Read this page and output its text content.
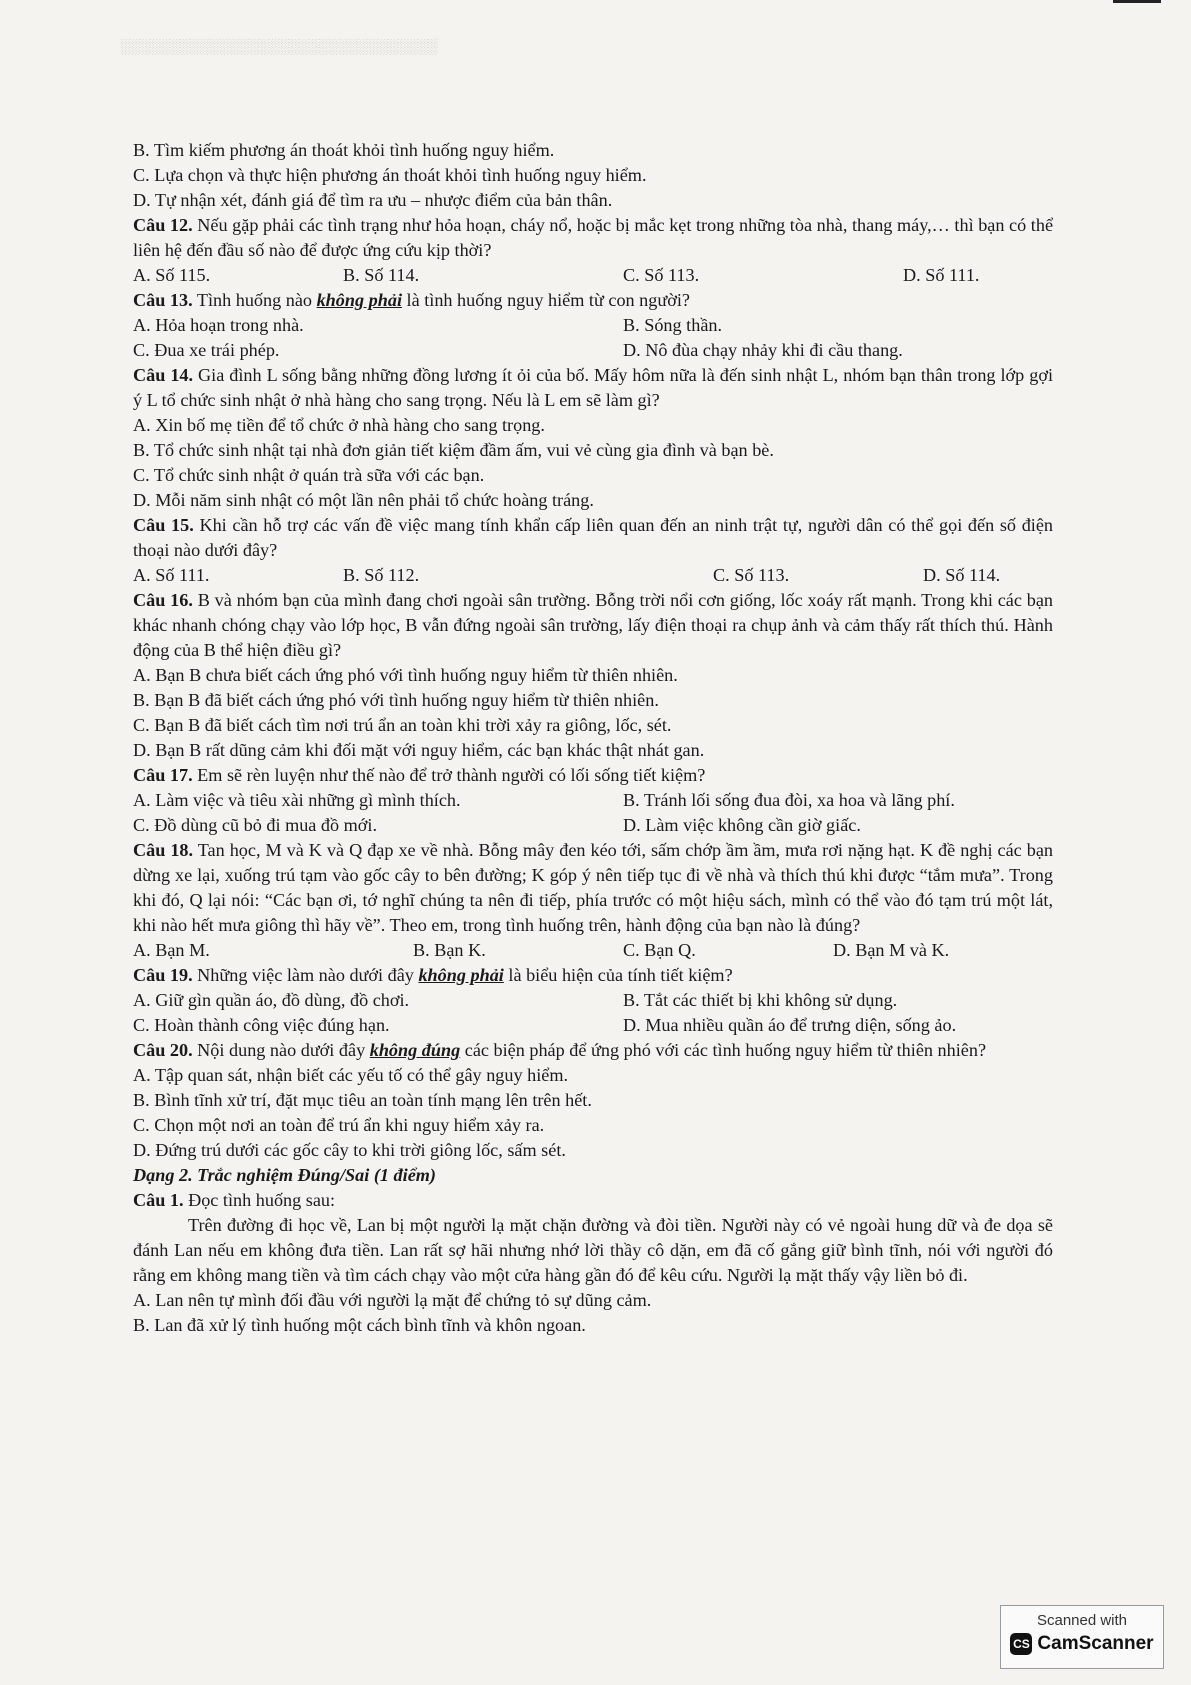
░░░░░░░░░░░░░░░░░░░░░░░░░░░░░░░░
B. Tìm kiếm phương án thoát khỏi tình huống nguy hiểm.
C. Lựa chọn và thực hiện phương án thoát khỏi tình huống nguy hiểm.
D. Tự nhận xét, đánh giá để tìm ra ưu – nhược điểm của bản thân.
Câu 12. Nếu gặp phải các tình trạng như hỏa hoạn, cháy nổ, hoặc bị mắc kẹt trong những tòa nhà, thang máy,… thì bạn có thể liên hệ đến đầu số nào để được ứng cứu kịp thời?
A. Số 115.	B. Số 114.	C. Số 113.	D. Số 111.
Câu 13. Tình huống nào không phải là tình huống nguy hiểm từ con người?
A. Hỏa hoạn trong nhà.	B. Sóng thần.
C. Đua xe trái phép.	D. Nô đùa chạy nhảy khi đi cầu thang.
Câu 14. Gia đình L sống bằng những đồng lương ít ỏi của bố. Mấy hôm nữa là đến sinh nhật L, nhóm bạn thân trong lớp gợi ý L tổ chức sinh nhật ở nhà hàng cho sang trọng. Nếu là L em sẽ làm gì?
A. Xin bố mẹ tiền để tổ chức ở nhà hàng cho sang trọng.
B. Tổ chức sinh nhật tại nhà đơn giản tiết kiệm đầm ấm, vui vẻ cùng gia đình và bạn bè.
C. Tổ chức sinh nhật ở quán trà sữa với các bạn.
D. Mỗi năm sinh nhật có một lần nên phải tổ chức hoàng tráng.
Câu 15. Khi cần hỗ trợ các vấn đề việc mang tính khẩn cấp liên quan đến an ninh trật tự, người dân có thể gọi đến số điện thoại nào dưới đây?
A. Số 111.	B. Số 112.	C. Số 113.	D. Số 114.
Câu 16. B và nhóm bạn của mình đang chơi ngoài sân trường. Bỗng trời nổi cơn giống, lốc xoáy rất mạnh. Trong khi các bạn khác nhanh chóng chạy vào lớp học, B vẫn đứng ngoài sân trường, lấy điện thoại ra chụp ảnh và cảm thấy rất thích thú. Hành động của B thể hiện điều gì?
A. Bạn B chưa biết cách ứng phó với tình huống nguy hiểm từ thiên nhiên.
B. Bạn B đã biết cách ứng phó với tình huống nguy hiểm từ thiên nhiên.
C. Bạn B đã biết cách tìm nơi trú ẩn an toàn khi trời xảy ra giông, lốc, sét.
D. Bạn B rất dũng cảm khi đối mặt với nguy hiểm, các bạn khác thật nhát gan.
Câu 17. Em sẽ rèn luyện như thế nào để trở thành người có lối sống tiết kiệm?
A. Làm việc và tiêu xài những gì mình thích.	B. Tránh lối sống đua đòi, xa hoa và lãng phí.
C. Đồ dùng cũ bỏ đi mua đồ mới.	D. Làm việc không cần giờ giấc.
Câu 18. Tan học, M và K và Q đạp xe về nhà. Bỗng mây đen kéo tới, sấm chớp ầm ầm, mưa rơi nặng hạt. K đề nghị các bạn dừng xe lại, xuống trú tạm vào gốc cây to bên đường; K góp ý nên tiếp tục đi về nhà và thích thú khi được “tắm mưa”. Trong khi đó, Q lại nói: “Các bạn ơi, tớ nghĩ chúng ta nên đi tiếp, phía trước có một hiệu sách, mình có thể vào đó tạm trú một lát, khi nào hết mưa giông thì hãy về”. Theo em, trong tình huống trên, hành động của bạn nào là đúng?
A. Bạn M.	B. Bạn K.	C. Bạn Q.	D. Bạn M và K.
Câu 19. Những việc làm nào dưới đây không phải là biểu hiện của tính tiết kiệm?
A. Giữ gìn quần áo, đồ dùng, đồ chơi.	B. Tắt các thiết bị khi không sử dụng.
C. Hoàn thành công việc đúng hạn.	D. Mua nhiều quần áo để trưng diện, sống ảo.
Câu 20. Nội dung nào dưới đây không đúng các biện pháp để ứng phó với các tình huống nguy hiểm từ thiên nhiên?
A. Tập quan sát, nhận biết các yếu tố có thể gây nguy hiểm.
B. Bình tĩnh xử trí, đặt mục tiêu an toàn tính mạng lên trên hết.
C. Chọn một nơi an toàn để trú ẩn khi nguy hiểm xảy ra.
D. Đứng trú dưới các gốc cây to khi trời giông lốc, sấm sét.
Dạng 2. Trắc nghiệm Đúng/Sai (1 điểm)
Câu 1. Đọc tình huống sau:
Trên đường đi học về, Lan bị một người lạ mặt chặn đường và đòi tiền. Người này có vẻ ngoài hung dữ và đe dọa sẽ đánh Lan nếu em không đưa tiền. Lan rất sợ hãi nhưng nhớ lời thầy cô dặn, em đã cố gắng giữ bình tĩnh, nói với người đó rằng em không mang tiền và tìm cách chạy vào một cửa hàng gần đó để kêu cứu. Người lạ mặt thấy vậy liền bỏ đi.
A. Lan nên tự mình đối đầu với người lạ mặt để chứng tỏ sự dũng cảm.
B. Lan đã xử lý tình huống một cách bình tĩnh và khôn ngoan.
Scanned with
CS CamScanner
